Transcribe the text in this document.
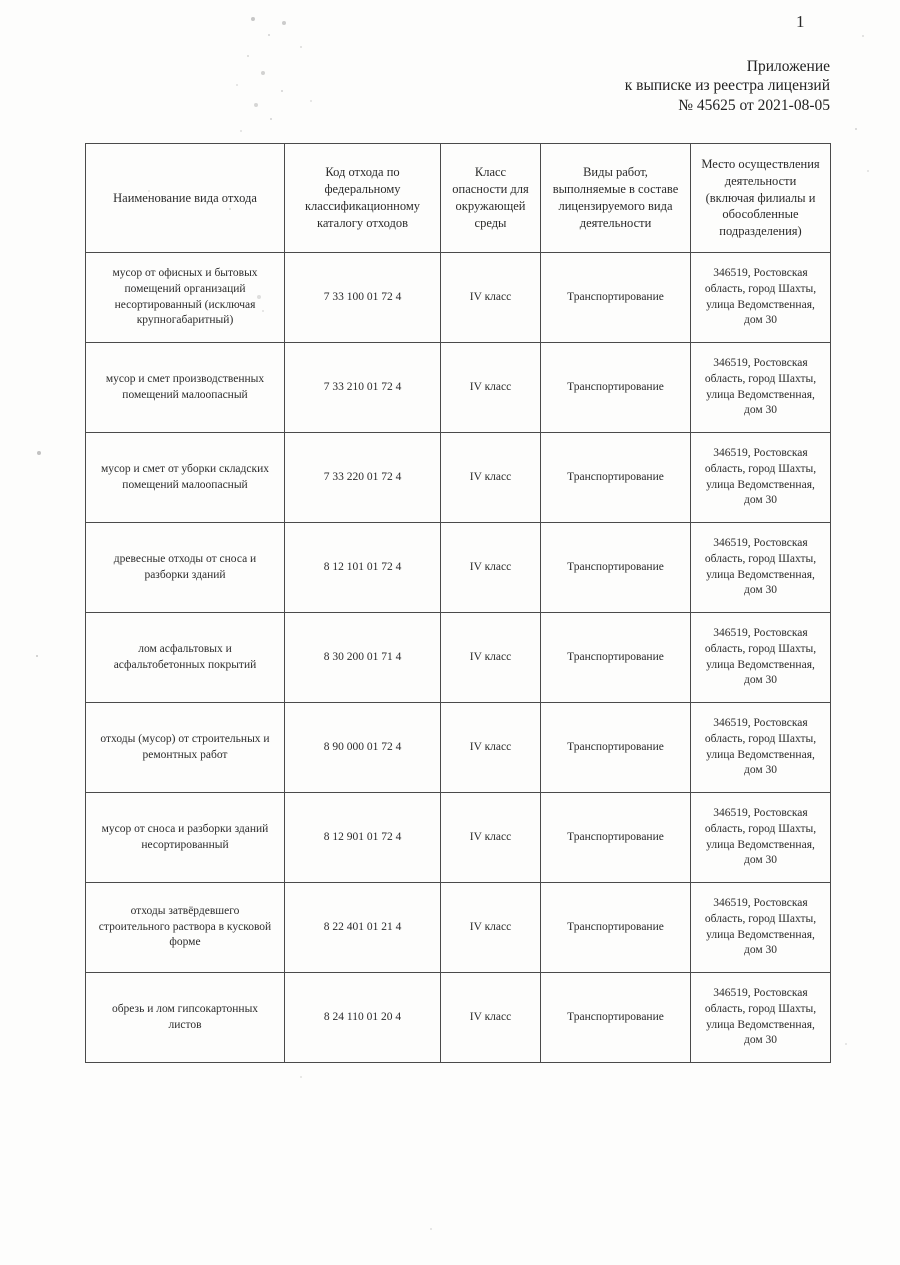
1
Приложение
к выписке из реестра лицензий
№ 45625 от 2021-08-05
Наименование вида отхода	Код отхода по федеральному классификационному каталогу отходов	Класс опасности для окружающей среды	Виды работ, выполняемые в составе лицензируемого вида деятельности	Место осуществления деятельности (включая филиалы и обособленные подразделения)
мусор от офисных и бытовых помещений организаций несортированный (исключая крупногабаритный)	7 33 100 01 72 4	IV класс	Транспортирование	346519, Ростовская область, город Шахты, улица Ведомственная, дом 30
мусор и смет производственных помещений малоопасный	7 33 210 01 72 4	IV класс	Транспортирование	346519, Ростовская область, город Шахты, улица Ведомственная, дом 30
мусор и смет от уборки складских помещений малоопасный	7 33 220 01 72 4	IV класс	Транспортирование	346519, Ростовская область, город Шахты, улица Ведомственная, дом 30
древесные отходы от сноса и разборки зданий	8 12 101 01 72 4	IV класс	Транспортирование	346519, Ростовская область, город Шахты, улица Ведомственная, дом 30
лом асфальтовых и асфальтобетонных покрытий	8 30 200 01 71 4	IV класс	Транспортирование	346519, Ростовская область, город Шахты, улица Ведомственная, дом 30
отходы (мусор) от строительных и ремонтных работ	8 90 000 01 72 4	IV класс	Транспортирование	346519, Ростовская область, город Шахты, улица Ведомственная, дом 30
мусор от сноса и разборки зданий несортированный	8 12 901 01 72 4	IV класс	Транспортирование	346519, Ростовская область, город Шахты, улица Ведомственная, дом 30
отходы затвёрдевшего строительного раствора в кусковой форме	8 22 401 01 21 4	IV класс	Транспортирование	346519, Ростовская область, город Шахты, улица Ведомственная, дом 30
обрезь и лом гипсокартонных листов	8 24 110 01 20 4	IV класс	Транспортирование	346519, Ростовская область, город Шахты, улица Ведомственная, дом 30
